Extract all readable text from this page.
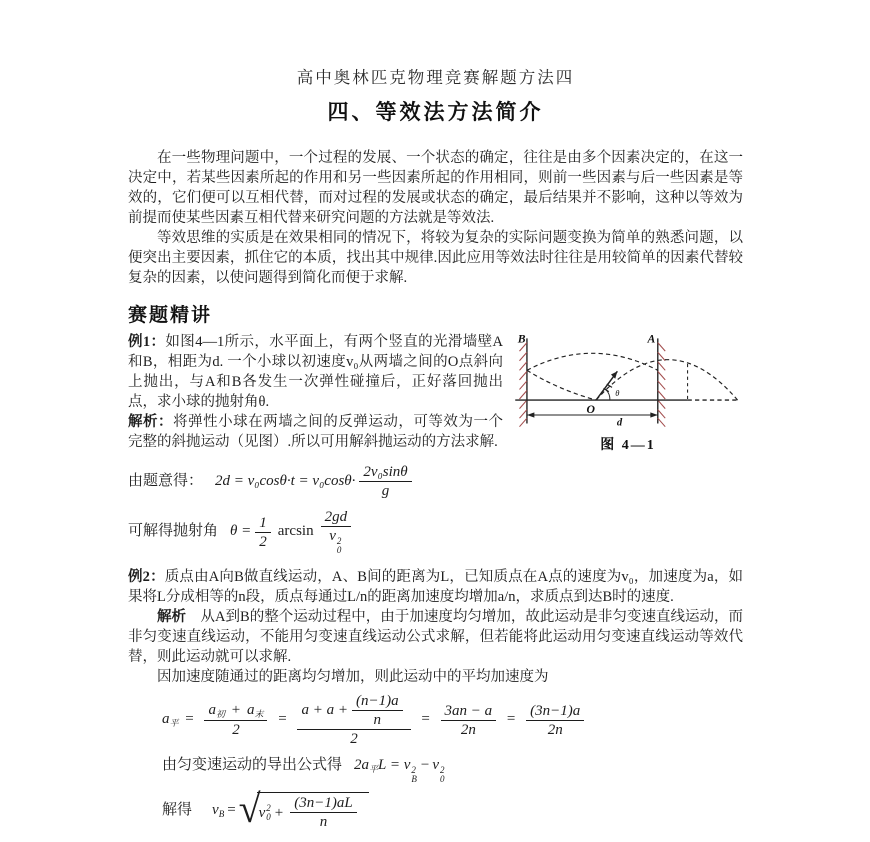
高中奥林匹克物理竞赛解题方法四
四、等效法方法简介

在一些物理问题中，一个过程的发展、一个状态的确定，往往是由多个因素决定的，在这一决定中，若某些因素所起的作用和另一些因素所起的作用相同，则前一些因素与后一些因素是等效的，它们便可以互相代替，而对过程的发展或状态的确定，最后结果并不影响，这种以等效为前提而使某些因素互相代替来研究问题的方法就是等效法.

等效思维的实质是在效果相同的情况下，将较为复杂的实际问题变换为简单的熟悉问题，以便突出主要因素，抓住它的本质，找出其中规律.因此应用等效法时往往是用较简单的因素代替较复杂的因素，以使问题得到简化而便于求解.

赛题精讲
B	A
O
d
θ
图 4—1

例1：如图4—1所示，水平面上，有两个竖直的光滑墙壁A和B，相距为d. 一个小球以初速度v₀从两墙之间的O点斜向上抛出，与A和B各发生一次弹性碰撞后，正好落回抛出点，求小球的抛射角θ.

解析：将弹性小球在两墙之间的反弹运动，可等效为一个完整的斜抛运动（见图）.所以可用解斜抛运动的方法求解.

由题意得： $2d = v_0\cos\theta\cdot t = v_0\cos\theta\cdot \frac{\text{2v₀sinθ}}{g}$
可解得抛射角 $\theta = \frac{1}{2}$ arcsin 2gd
v 2
0

例2：质点由A向B做直线运动，A、B间的距离为L，已知质点在A点的速度为v₀，加速度为a，如果将L分成相等的n段，质点每通过L/n的距离加速度均增加a/n，求质点到达B时的速度.

解析　从A到B的整个运动过程中，由于加速度均匀增加，故此运动是非匀变速直线运动，而非匀变速直线运动，不能用匀变速直线运动公式求解，但若能将此运动用匀变速直线运动等效代替，则此运动就可以求解.

因加速度随通过的距离均匀增加，则此运动中的平均加速度为

$a_平 = \frac{a_初 + a_末}{2} = \frac{a + a + \frac{(n-1)a}{n}}{2} = \frac{3an - a}{2n} = \frac{(3n-1)a}{2n}$
由匀变速运动的导出公式得 $2a_平L = v$ 2
B
− v 2
0
解得 $v_B$ = √
v 2
$0 + \frac{(3n-1)aL}{n}$
